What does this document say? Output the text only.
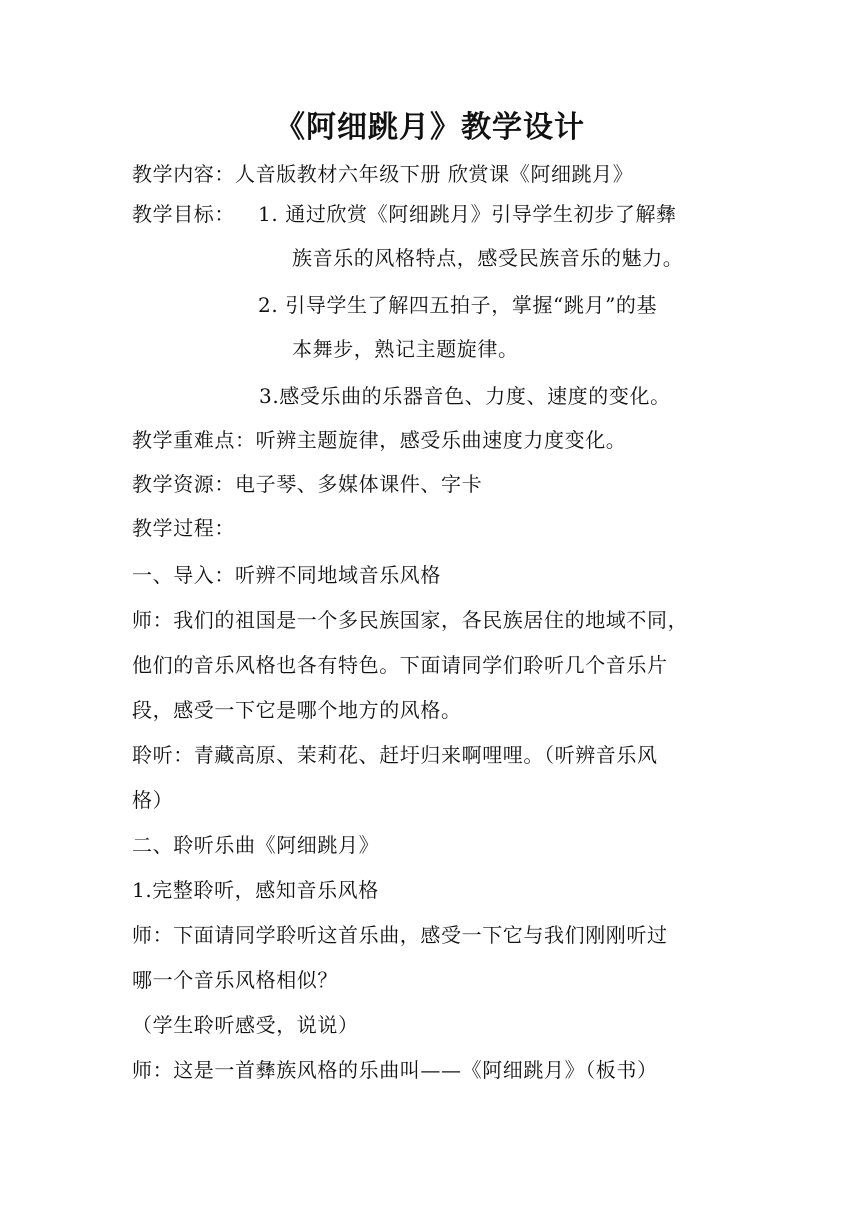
《阿细跳月》教学设计
教学内容：人音版教材六年级下册 欣赏课《阿细跳月》
教学目标： 1. 通过欣赏《阿细跳月》引导学生初步了解彝
族音乐的风格特点，感受民族音乐的魅力。
2. 引导学生了解四五拍子，掌握“跳月”的基
本舞步，熟记主题旋律。
3.感受乐曲的乐器音色、力度、速度的变化。
教学重难点：听辨主题旋律，感受乐曲速度力度变化。
教学资源：电子琴、多媒体课件、字卡
教学过程：
一、导入：听辨不同地域音乐风格
师：我们的祖国是一个多民族国家，各民族居住的地域不同，
他们的音乐风格也各有特色。下面请同学们聆听几个音乐片
段，感受一下它是哪个地方的风格。
聆听：青藏高原、茉莉花、赶圩归来啊哩哩。（听辨音乐风
格）
二、聆听乐曲《阿细跳月》
1.完整聆听，感知音乐风格
师：下面请同学聆听这首乐曲，感受一下它与我们刚刚听过
哪一个音乐风格相似？
（学生聆听感受，说说）
师：这是一首彝族风格的乐曲叫——《阿细跳月》（板书）
